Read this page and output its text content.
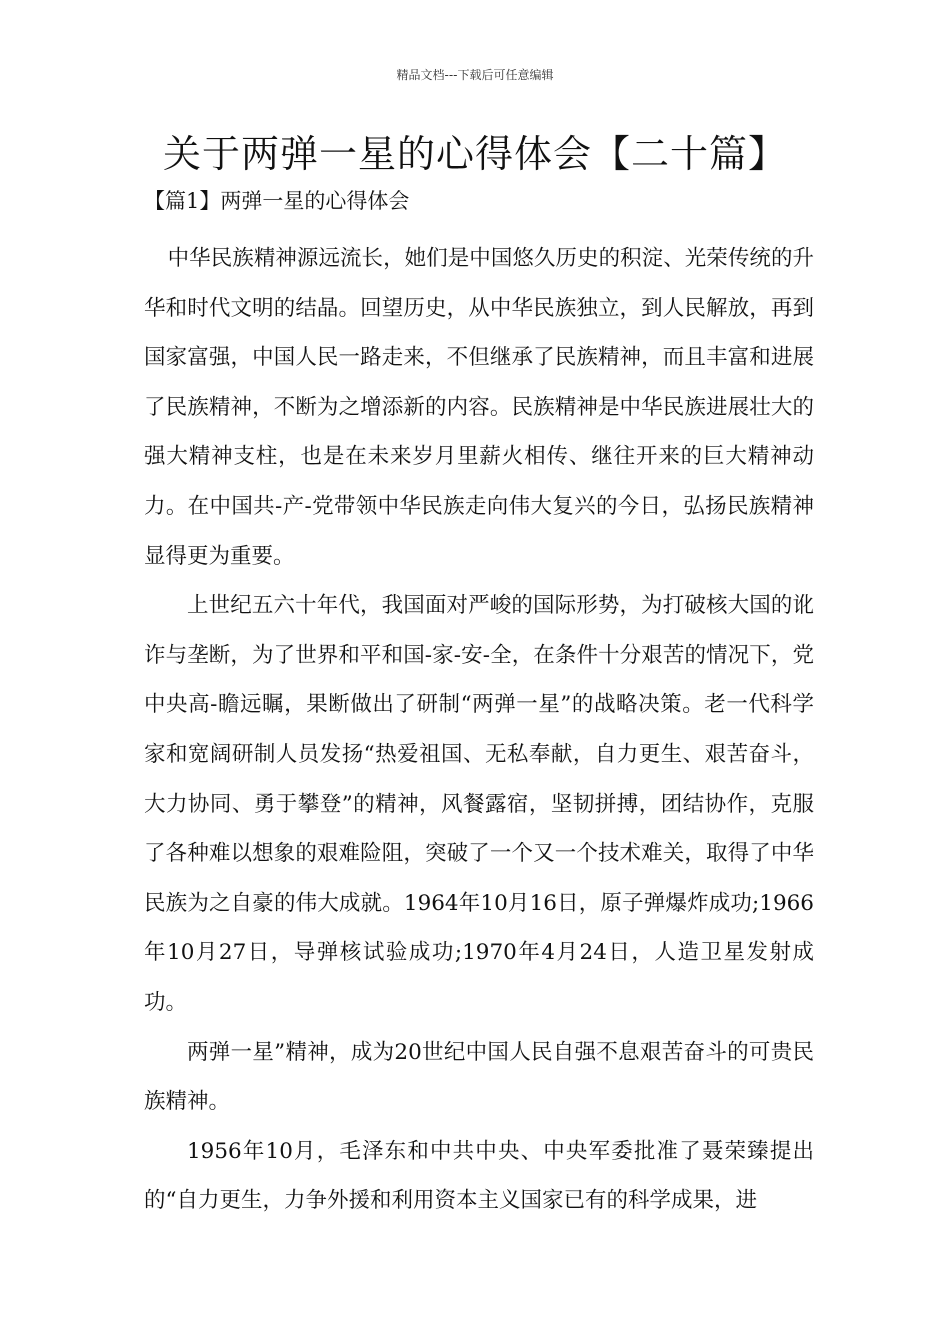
精品文档---下载后可任意编辑
关于两弹一星的心得体会【二十篇】
【篇1】两弹一星的心得体会

中华民族精神源远流长，她们是中国悠久历史的积淀、光荣传统的升华和时代文明的结晶。回望历史，从中华民族独立，到人民解放，再到国家富强，中国人民一路走来，不但继承了民族精神，而且丰富和进展了民族精神，不断为之增添新的内容。民族精神是中华民族进展壮大的强大精神支柱，也是在未来岁月里薪火相传、继往开来的巨大精神动力。在中国共-产-党带领中华民族走向伟大复兴的今日，弘扬民族精神显得更为重要。

上世纪五六十年代，我国面对严峻的国际形势，为打破核大国的讹诈与垄断，为了世界和平和国-家-安-全，在条件十分艰苦的情况下，党中央高-瞻远瞩，果断做出了研制“两弹一星”的战略决策。老一代科学家和宽阔研制人员发扬“热爱祖国、无私奉献，自力更生、艰苦奋斗，大力协同、勇于攀登”的精神，风餐露宿，坚韧拼搏，团结协作，克服了各种难以想象的艰难险阻，突破了一个又一个技术难关，取得了中华民族为之自豪的伟大成就。1964年10月16日，原子弹爆炸成功;1966年10月27日，导弹核试验成功;1970年4月24日，人造卫星发射成功。

两弹一星”精神，成为20世纪中国人民自强不息艰苦奋斗的可贵民族精神。

1956年10月，毛泽东和中共中央、中央军委批准了聂荣臻提出的“自力更生，力争外援和利用资本主义国家已有的科学成果，进
